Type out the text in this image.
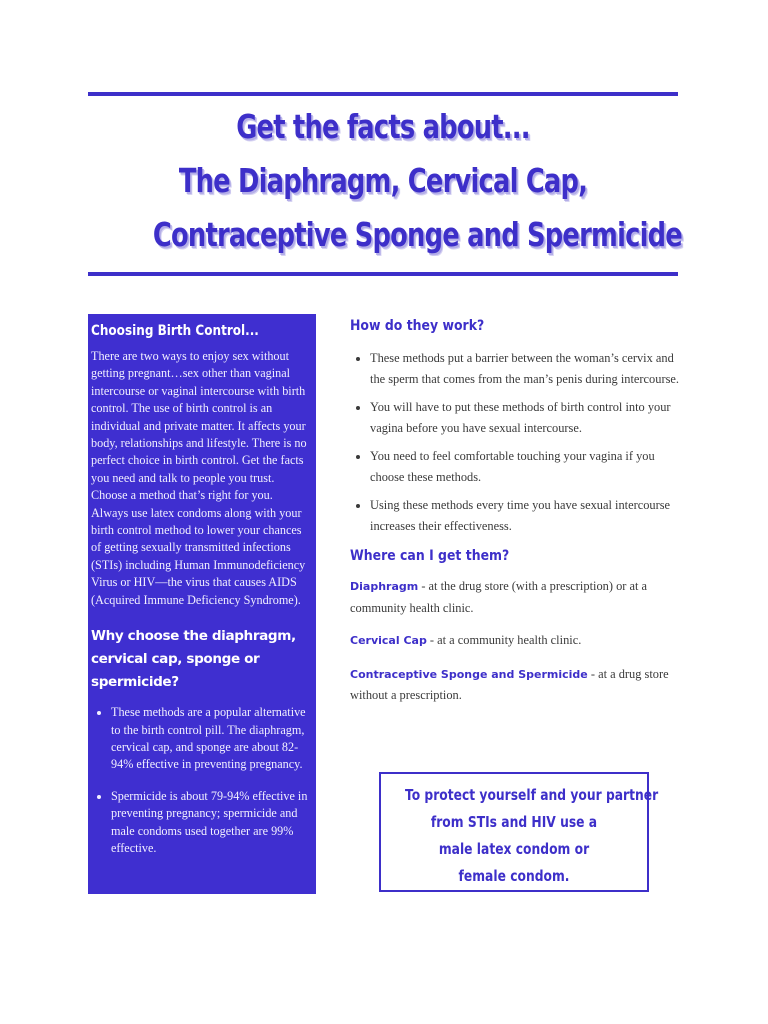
Get the facts about...
The Diaphragm, Cervical Cap,
Contraceptive Sponge and Spermicide
Choosing Birth Control...

There are two ways to enjoy sex without getting pregnant…sex other than vaginal intercourse or vaginal intercourse with birth control. The use of birth control is an individual and private matter. It affects your body, relationships and lifestyle. There is no perfect choice in birth control. Get the facts you need and talk to people you trust. Choose a method that’s right for you. Always use latex condoms along with your birth control method to lower your chances of getting sexually transmitted infections (STIs) including Human Immunodeficiency Virus or HIV—the virus that causes AIDS (Acquired Immune Deficiency Syndrome).

Why choose the diaphragm, cervical cap, sponge or spermicide?
• These methods are a popular alternative to the birth control pill. The diaphragm, cervical cap, and sponge are about 82-94% effective in preventing pregnancy.
• Spermicide is about 79-94% effective in preventing pregnancy; spermicide and male condoms used together are 99% effective.
How do they work?
• These methods put a barrier between the woman’s cervix and the sperm that comes from the man’s penis during intercourse.
• You will have to put these methods of birth control into your vagina before you have sexual intercourse.
• You need to feel comfortable touching your vagina if you choose these methods.
• Using these methods every time you have sexual intercourse increases their effectiveness.
Where can I get them?

Diaphragm - at the drug store (with a prescription) or at a community health clinic.

Cervical Cap - at a community health clinic.

Contraceptive Sponge and Spermicide - at a drug store without a prescription.

To protect yourself and your partner
from STIs and HIV use a
male latex condom or
female condom.
